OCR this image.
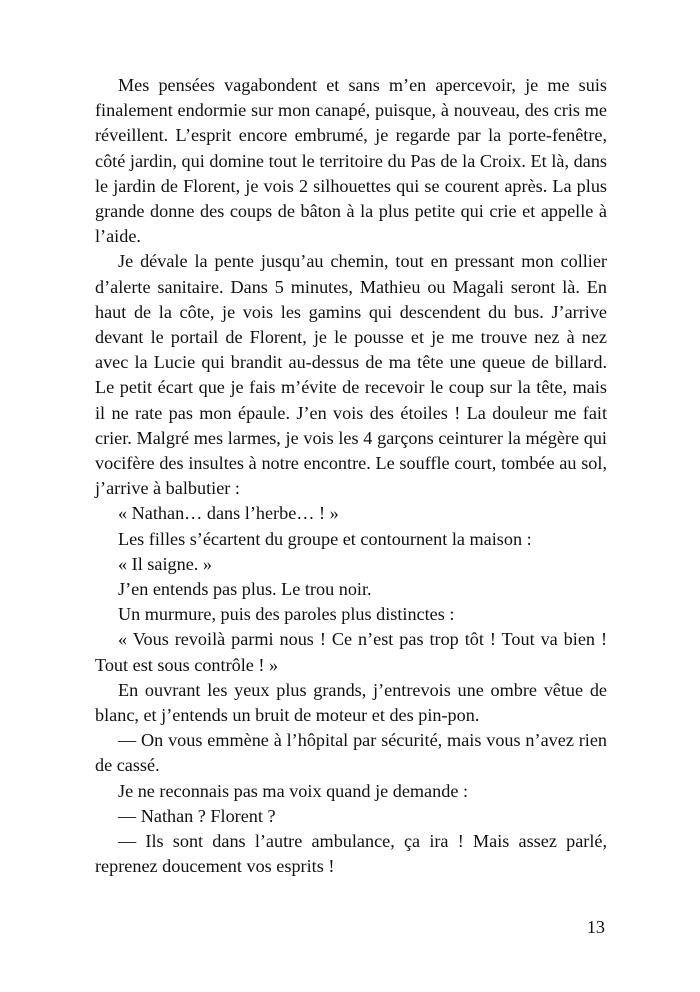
Mes pensées vagabondent et sans m’en apercevoir, je me suis finalement endormie sur mon canapé, puisque, à nouveau, des cris me réveillent. L’esprit encore embrumé, je regarde par la porte-fenêtre, côté jardin, qui domine tout le territoire du Pas de la Croix. Et là, dans le jardin de Florent, je vois 2 silhouettes qui se courent après. La plus grande donne des coups de bâton à la plus petite qui crie et appelle à l’aide.

Je dévale la pente jusqu’au chemin, tout en pressant mon collier d’alerte sanitaire. Dans 5 minutes, Mathieu ou Magali seront là. En haut de la côte, je vois les gamins qui descendent du bus. J’arrive devant le portail de Florent, je le pousse et je me trouve nez à nez avec la Lucie qui brandit au-dessus de ma tête une queue de billard. Le petit écart que je fais m’évite de recevoir le coup sur la tête, mais il ne rate pas mon épaule. J’en vois des étoiles ! La douleur me fait crier. Malgré mes larmes, je vois les 4 garçons ceinturer la mégère qui vocifère des insultes à notre encontre. Le souffle court, tombée au sol, j’arrive à balbutier :

« Nathan… dans l’herbe… ! »

Les filles s’écartent du groupe et contournent la maison :

« Il saigne. »

J’en entends pas plus. Le trou noir.

Un murmure, puis des paroles plus distinctes :

« Vous revoilà parmi nous ! Ce n’est pas trop tôt ! Tout va bien ! Tout est sous contrôle ! »

En ouvrant les yeux plus grands, j’entrevois une ombre vêtue de blanc, et j’entends un bruit de moteur et des pin-pon.

— On vous emmène à l’hôpital par sécurité, mais vous n’avez rien de cassé.

Je ne reconnais pas ma voix quand je demande :

— Nathan ? Florent ?

— Ils sont dans l’autre ambulance, ça ira ! Mais assez parlé, reprenez doucement vos esprits !

13
